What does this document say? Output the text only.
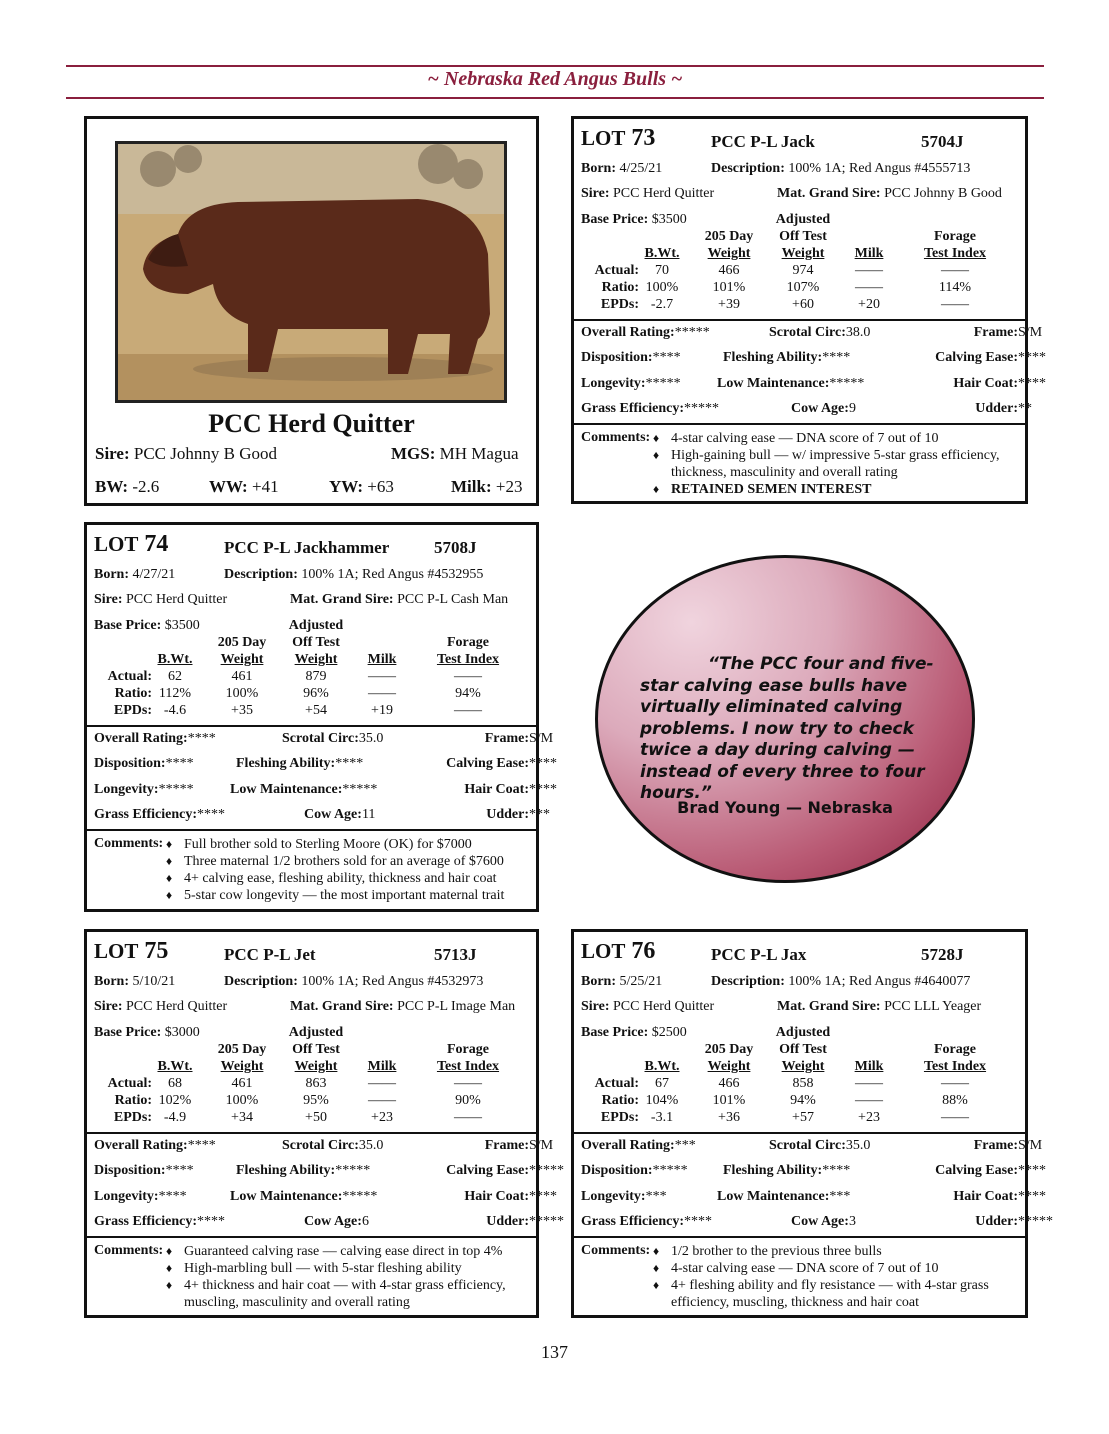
~ Nebraska Red Angus Bulls ~
PCC Herd Quitter
Sire: PCC Johnny B Good	MGS: MH Magua
BW: -2.6	WW: +41	YW: +63	Milk: +23
LOT 73	PCC P-L Jack	5704J
Born: 4/25/21	Description: 100% 1A; Red Angus #4555713
Sire: PCC Herd Quitter	Mat. Grand Sire: PCC Johnny B Good
Base Price: $3500	Adjusted
205 Day	Off Test	Forage
B.Wt.	Weight	Weight	Milk	Test Index
Actual:	70	466	974	——	——
Ratio: 100%	101%	107%	——	114%
EPDs: -2.7	+39	+60	+20	——
Overall Rating: *****	Scrotal Circ: 38.0	Frame: S/M
Disposition: ****	Fleshing Ability: ****	Calving Ease: ****
Longevity: *****	Low Maintenance: *****	Hair Coat: ****
Grass Efficiency: *****	Cow Age: 9	Udder: **
Comments:	♦ 4-star calving ease — DNA score of 7 out of 10
♦ High-gaining bull — w/ impressive 5-star grass efficiency, thickness, masculinity and overall rating
♦ RETAINED SEMEN INTEREST
LOT 74	PCC P-L Jackhammer	5708J
Born: 4/27/21	Description: 100% 1A; Red Angus #4532955
Sire: PCC Herd Quitter	Mat. Grand Sire: PCC P-L Cash Man
Base Price: $3500	Adjusted
205 Day	Off Test	Forage
B.Wt.	Weight	Weight	Milk	Test Index
Actual:	62	461	879	——	——
Ratio: 112%	100%	96%	——	94%
EPDs: -4.6	+35	+54	+19	——
Overall Rating: ****	Scrotal Circ: 35.0	Frame: S/M
Disposition: ****	Fleshing Ability: ****	Calving Ease: ****
Longevity: *****	Low Maintenance: *****	Hair Coat: ****
Grass Efficiency: ****	Cow Age: 11	Udder: ***
Comments:	♦ Full brother sold to Sterling Moore (OK) for $7000
♦ Three maternal 1/2 brothers sold for an average of $7600
♦ 4+ calving ease, fleshing ability, thickness and hair coat
♦ 5-star cow longevity — the most important maternal trait
LOT 75	PCC P-L Jet	5713J
Born: 5/10/21	Description: 100% 1A; Red Angus #4532973
Sire: PCC Herd Quitter	Mat. Grand Sire: PCC P-L Image Man
Base Price: $3000	Adjusted
205 Day	Off Test	Forage
B.Wt.	Weight	Weight	Milk	Test Index
Actual:	68	461	863	——	——
Ratio: 102%	100%	95%	——	90%
EPDs: -4.9	+34	+50	+23	——
Overall Rating: ****	Scrotal Circ: 35.0	Frame: S/M
Disposition: ****	Fleshing Ability: *****	Calving Ease: *****
Longevity: ****	Low Maintenance: *****	Hair Coat: ****
Grass Efficiency: ****	Cow Age: 6	Udder: *****
Comments:	♦ Guaranteed calving rase — calving ease direct in top 4%
♦ High-marbling bull — with 5-star fleshing ability
♦ 4+ thickness and hair coat — with 4-star grass efficiency, muscling, masculinity and overall rating
LOT 76	PCC P-L Jax	5728J
Born: 5/25/21	Description: 100% 1A; Red Angus #4640077
Sire: PCC Herd Quitter	Mat. Grand Sire: PCC LLL Yeager
Base Price: $2500	Adjusted
205 Day	Off Test	Forage
B.Wt.	Weight	Weight	Milk	Test Index
Actual:	67	466	858	——	——
Ratio: 104%	101%	94%	——	88%
EPDs: -3.1	+36	+57	+23	——
Overall Rating: ***	Scrotal Circ: 35.0	Frame: S/M
Disposition: *****	Fleshing Ability: ****	Calving Ease: ****
Longevity: ***	Low Maintenance: ***	Hair Coat: ****
Grass Efficiency: ****	Cow Age: 3	Udder: *****
Comments:	♦ 1/2 brother to the previous three bulls
♦ 4-star calving ease — DNA score of 7 out of 10
♦ 4+ fleshing ability and fly resistance — with 4-star grass efficiency, muscling, thickness and hair coat
“The PCC four and five-star calving ease bulls have virtually eliminated calving problems. I now try to check twice a day during calving — instead of every three to four hours.”
Brad Young — Nebraska
137
